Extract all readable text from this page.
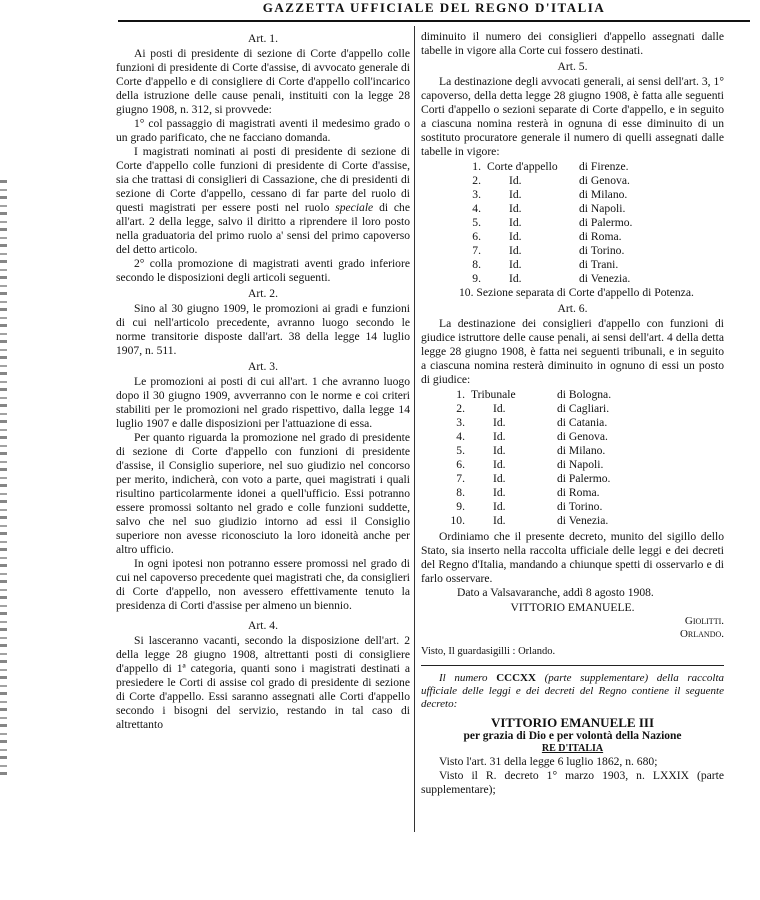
GAZZETTA UFFICIALE DEL REGNO D'ITALIA
Art. 1.

Ai posti di presidente di sezione di Corte d'appello colle funzioni di presidente di Corte d'assise, di avvocato generale di Corte d'appello e di consigliere di Corte d'appello coll'incarico della istruzione delle cause penali, instituiti con la legge 28 giugno 1908, n. 312, si provvede:

1° col passaggio di magistrati aventi il medesimo grado o un grado parificato, che ne facciano domanda.

I magistrati nominati ai posti di presidente di sezione di Corte d'appello colle funzioni di presidente di Corte d'assise, sia che trattasi di consiglieri di Cassazione, che di presidenti di sezione di Corte d'appello, cessano di far parte del ruolo di questi magistrati per essere posti nel ruolo speciale di che all'art. 2 della legge, salvo il diritto a riprendere il loro posto nella graduatoria del primo ruolo a' sensi del primo capoverso del detto articolo.

2° colla promozione di magistrati aventi grado inferiore secondo le disposizioni degli articoli seguenti.

Art. 2.

Sino al 30 giugno 1909, le promozioni ai gradi e funzioni di cui nell'articolo precedente, avranno luogo secondo le norme transitorie disposte dall'art. 38 della legge 14 luglio 1907, n. 511.

Art. 3.

Le promozioni ai posti di cui all'art. 1 che avranno luogo dopo il 30 giugno 1909, avverranno con le norme e coi criteri stabiliti per le promozioni nel grado rispettivo, dalla legge 14 luglio 1907 e dalle disposizioni per l'attuazione di essa.

Per quanto riguarda la promozione nel grado di presidente di sezione di Corte d'appello con funzioni di presidente d'assise, il Consiglio superiore, nel suo giudizio nel concorso per merito, indicherà, con voto a parte, quei magistrati i quali risultino particolarmente idonei a quell'ufficio. Essi potranno essere promossi soltanto nel grado e colle funzioni suddette, salvo che nel suo giudizio intorno ad essi il Consiglio superiore non avesse riconosciuto la loro idoneità anche per altro ufficio.

In ogni ipotesi non potranno essere promossi nel grado di cui nel capoverso precedente quei magistrati che, da consiglieri di Corte d'appello, non avessero effettivamente tenuto la presidenza di Corti d'assise per almeno un biennio.

Art. 4.

Si lasceranno vacanti, secondo la disposizione dell'art. 2 della legge 28 giugno 1908, altrettanti posti di consigliere d'appello di 1ª categoria, quanti sono i magistrati destinati a presiedere le Corti di assise col grado di presidente di sezione di Corte d'appello. Essi saranno assegnati alle Corti d'appello secondo i bisogni del servizio, restando in tal caso di altrettanto

diminuito il numero dei consiglieri d'appello assegnati dalle tabelle in vigore alla Corte cui fossero destinati.

Art. 5.

La destinazione degli avvocati generali, ai sensi dell'art. 3, 1° capoverso, della detta legge 28 giugno 1908, è fatta alle seguenti Corti d'appello o sezioni separate di Corte d'appello, e in seguito a ciascuna nomina resterà in ognuna di esse diminuito di un sostituto procuratore generale il numero di quelli assegnati dalle tabelle in vigore:

1. Corte d'appello	di Firenze.
2.	Id.	di Genova.
3.	Id.	di Milano.
4.	Id.	di Napoli.
5.	Id.	di Palermo.
6.	Id.	di Roma.
7.	Id.	di Torino.
8.	Id.	di Trani.
9.	Id.	di Venezia.
10. Sezione separata di Corte d'appello di Potenza.
Art. 6.

La destinazione dei consiglieri d'appello con funzioni di giudice istruttore delle cause penali, ai sensi dell'art. 4 della detta legge 28 giugno 1908, è fatta nei seguenti tribunali, e in seguito a ciascuna nomina resterà diminuito in ognuno di essi un posto di giudice:

1. Tribunale	di Bologna.
2.	Id.	di Cagliari.
3.	Id.	di Catania.
4.	Id.	di Genova.
5.	Id.	di Milano.
6.	Id.	di Napoli.
7.	Id.	di Palermo.
8.	Id.	di Roma.
9.	Id.	di Torino.
10.	Id.	di Venezia.

Ordiniamo che il presente decreto, munito del sigillo dello Stato, sia inserto nella raccolta ufficiale delle leggi e dei decreti del Regno d'Italia, mandando a chiunque spetti di osservarlo e di farlo osservare.

Dato a Valsavaranche, addì 8 agosto 1908.

VITTORIO EMANUELE.
Giolitti.
Orlando.
Visto, Il guardasigilli : Orlando.

Il numero CCCXX (parte supplementare) della raccolta ufficiale delle leggi e dei decreti del Regno contiene il seguente decreto:

VITTORIO EMANUELE III
per grazia di Dio e per volontà della Nazione
RE D'ITALIA

Visto l'art. 31 della legge 6 luglio 1862, n. 680;

Visto il R. decreto 1° marzo 1903, n. LXXIX (parte supplementare);
